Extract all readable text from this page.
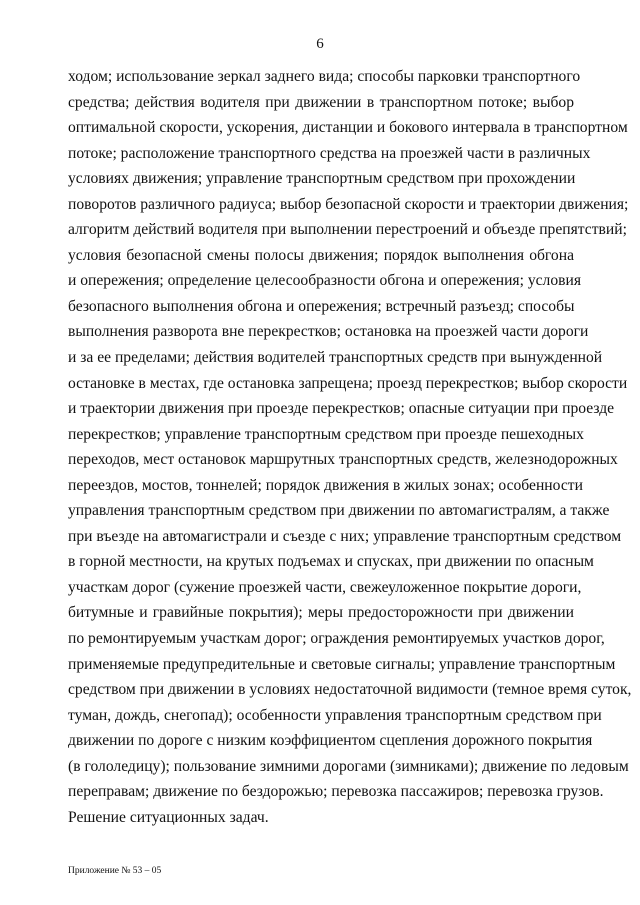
6
ходом; использование зеркал заднего вида; способы парковки транспортного
средства; действия водителя при движении в транспортном потоке; выбор
оптимальной скорости, ускорения, дистанции и бокового интервала в транспортном
потоке; расположение транспортного средства на проезжей части в различных
условиях движения; управление транспортным средством при прохождении
поворотов различного радиуса; выбор безопасной скорости и траектории движения;
алгоритм действий водителя при выполнении перестроений и объезде препятствий;
условия безопасной смены полосы движения; порядок выполнения обгона
и опережения; определение целесообразности обгона и опережения; условия
безопасного выполнения обгона и опережения; встречный разъезд; способы
выполнения разворота вне перекрестков; остановка на проезжей части дороги
и за ее пределами; действия водителей транспортных средств при вынужденной
остановке в местах, где остановка запрещена; проезд перекрестков; выбор скорости
и траектории движения при проезде перекрестков; опасные ситуации при проезде
перекрестков; управление транспортным средством при проезде пешеходных
переходов, мест остановок маршрутных транспортных средств, железнодорожных
переездов, мостов, тоннелей; порядок движения в жилых зонах; особенности
управления транспортным средством при движении по автомагистралям, а также
при въезде на автомагистрали и съезде с них; управление транспортным средством
в горной местности, на крутых подъемах и спусках, при движении по опасным
участкам дорог (сужение проезжей части, свежеуложенное покрытие дороги,
битумные и гравийные покрытия); меры предосторожности при движении
по ремонтируемым участкам дорог; ограждения ремонтируемых участков дорог,
применяемые предупредительные и световые сигналы; управление транспортным
средством при движении в условиях недостаточной видимости (темное время суток,
туман, дождь, снегопад); особенности управления транспортным средством при
движении по дороге с низким коэффициентом сцепления дорожного покрытия
(в гололедицу); пользование зимними дорогами (зимниками); движение по ледовым
переправам; движение по бездорожью; перевозка пассажиров; перевозка грузов.
Решение ситуационных задач.
Приложение № 53 – 05
